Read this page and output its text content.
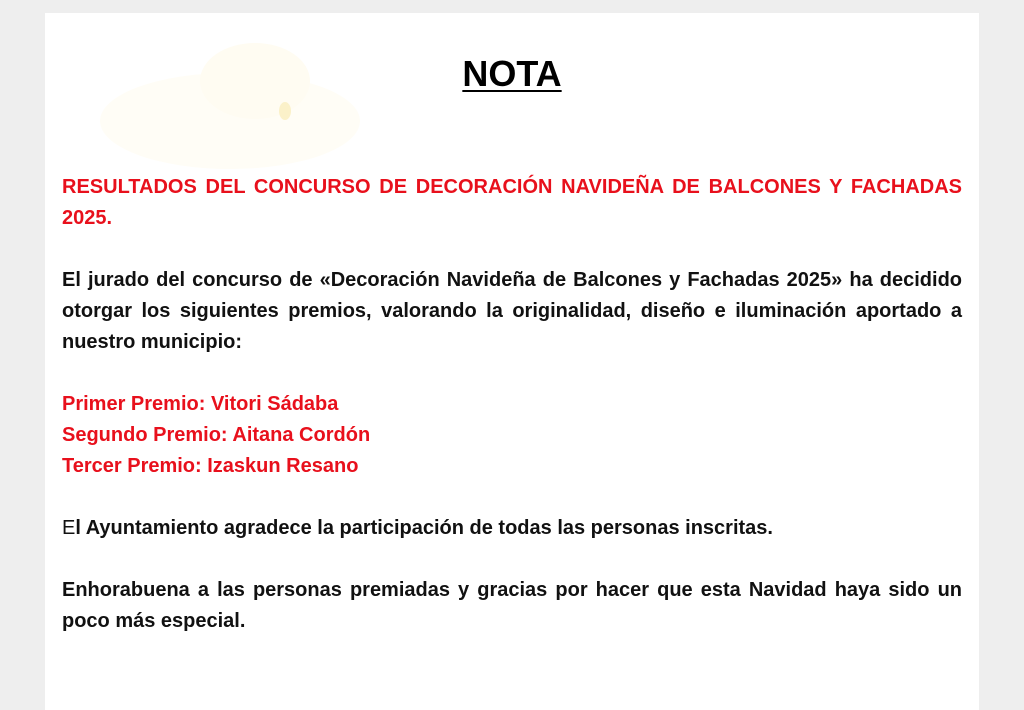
NOTA

RESULTADOS DEL CONCURSO DE DECORACIÓN NAVIDEÑA DE BALCONES Y FACHADAS 2025.

El jurado del concurso de «Decoración Navideña de Balcones y Fachadas 2025» ha decidido otorgar los siguientes premios, valorando la originalidad, diseño e iluminación aportado a nuestro municipio:

Primer Premio: Vitori Sádaba
Segundo Premio: Aitana Cordón
Tercer Premio: Izaskun Resano

El Ayuntamiento agradece la participación de todas las personas inscritas.

Enhorabuena a las personas premiadas y gracias por hacer que esta Navidad haya sido un poco más especial.
